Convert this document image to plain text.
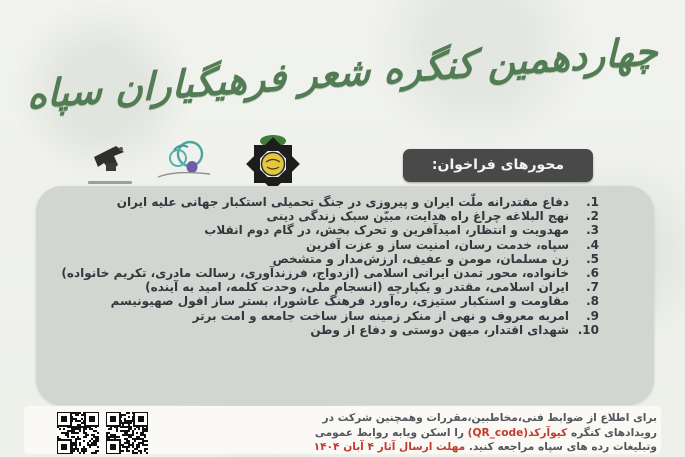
چهاردهمین کنگره شعر فرهیگیاران سپاه
محورهای فراخوان:
1.
دفاع مقتدرانه ملّت ایران و پیروزی در جنگ تحمیلی استکبار جهانی علیه ایران
2.
نهج البلاغه چراغ راه هدایت، مبیّن سبک زندگی دینی
3.
مهدویت و انتظار، امیدآفرین و تحرک بخش، در گام دوم انقلاب
4.
سپاه، خدمت رسان، امنیت ساز و عزت آفرین
5.
زن مسلمان، مومن و عفیف، ارزش‌مدار و متشخص
6.
خانواده، محور تمدن ایرانی اسلامی (ازدواج، فرزندآوری، رسالت مادری، تکریم خانواده)
7.
ایران اسلامی، مقتدر و یکپارچه (انسجام ملی، وحدت کلمه، امید به آینده)
8.
مقاومت و استکبار ستیزی، ره‌آورد فرهنگ عاشورا، بستر ساز افول صهیونیسم
9.
امربه معروف و نهی از منکر زمینه ساز ساخت جامعه و امت برتر
10.
شهدای اقتدار، میهن دوستی و دفاع از وطن
برای اطلاع از ضوابط فنی،مخاطبین،مقررات وهمچنین شرکت در
رویدادهای کنگره کیوآرکد(QR_code) را اسکن ویابه روابط عمومی
وتبلیغات رده های سپاه مراجعه کنید. مهلت ارسال آثار ۴ آبان ۱۴۰۴
